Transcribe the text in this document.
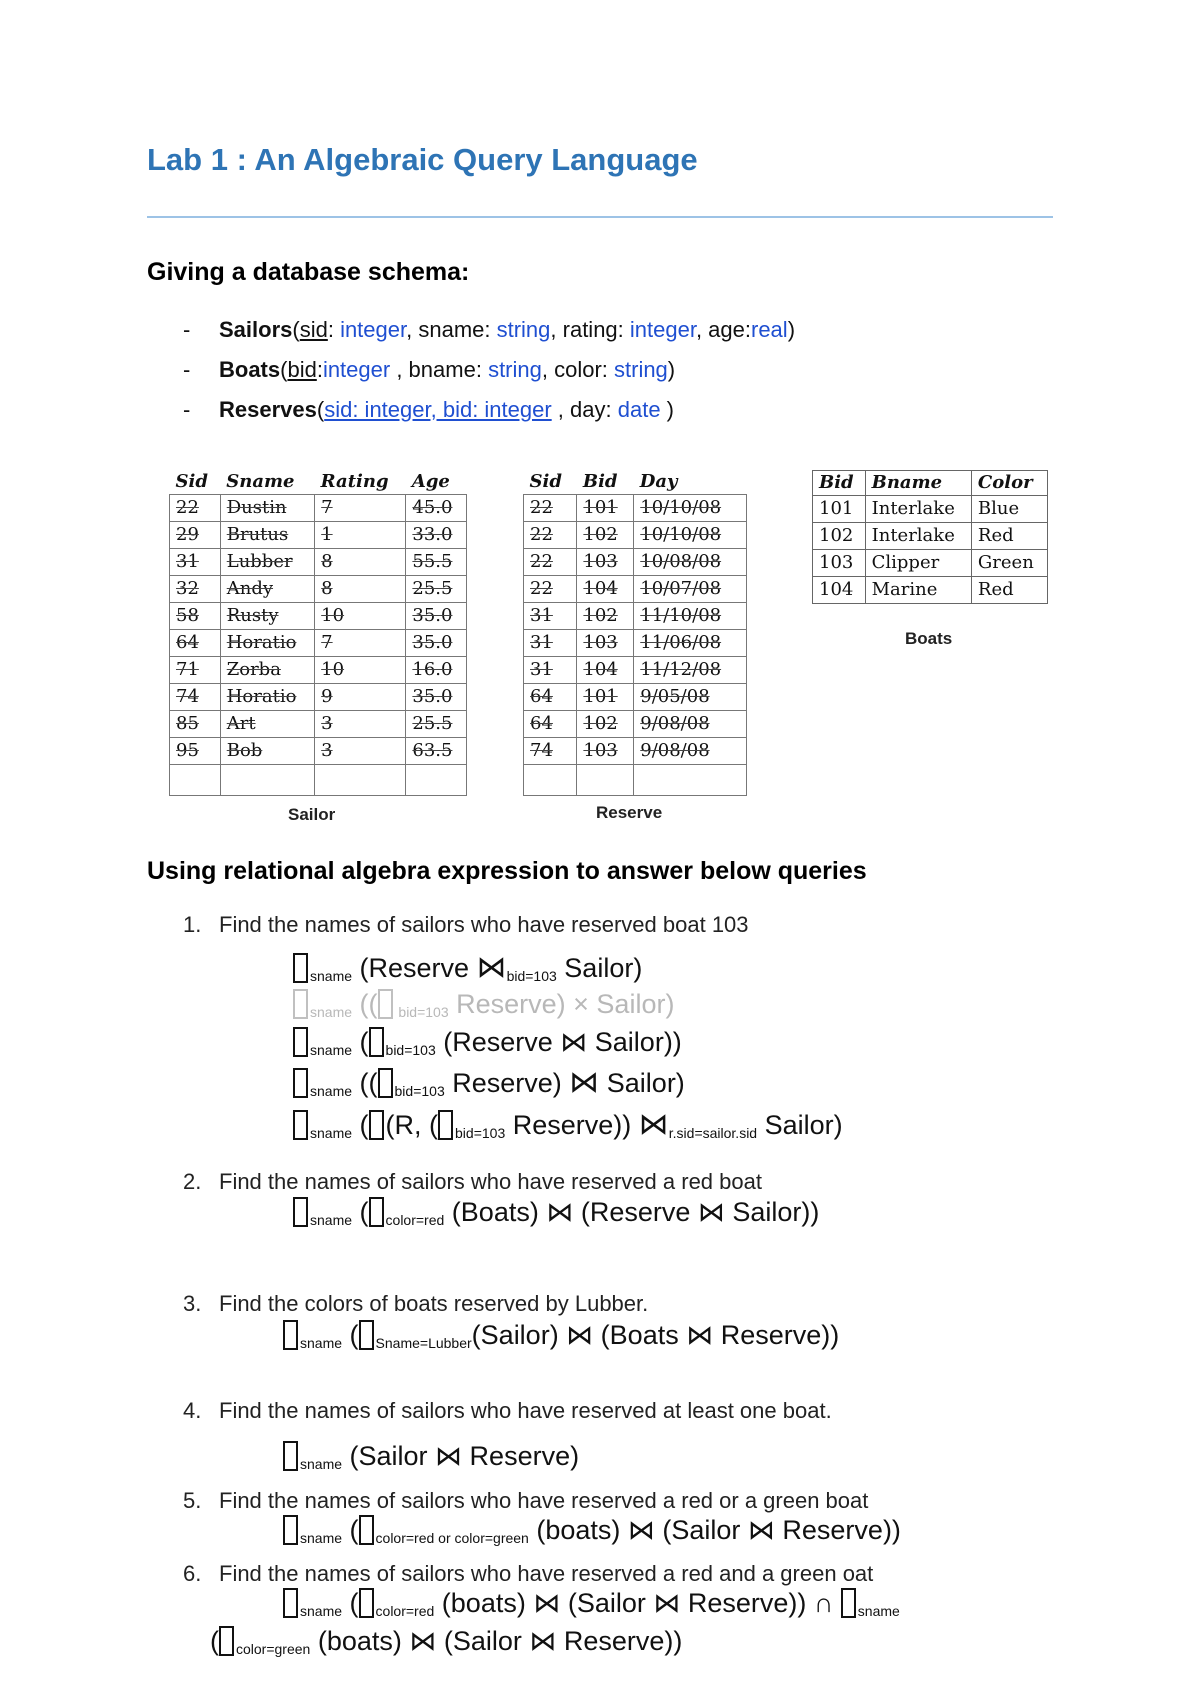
Lab 1 : An Algebraic Query Language
Giving a database schema:
- Sailors(sid: integer, sname: string, rating: integer, age:real)
- Boats(bid:integer , bname: string, color: string)
- Reserves(sid: integer, bid: integer , day: date )
Sid	Sname	Rating	Age
22	Dustin	7	45.0
29	Brutus	1	33.0
31	Lubber	8	55.5
32	Andy	8	25.5
58	Rusty	10	35.0
64	Horatio	7	35.0
71	Zorba	10	16.0
74	Horatio	9	35.0
85	Art	3	25.5
95	Bob	3	63.5

Sailor
Sid	Bid	Day
22	101	10/10/08
22	102	10/10/08
22	103	10/08/08
22	104	10/07/08
31	102	11/10/08
31	103	11/06/08
31	104	11/12/08
64	101	9/05/08
64	102	9/08/08
74	103	9/08/08

Reserve
Bid	Bname	Color
101	Interlake	Blue
102	Interlake	Red
103	Clipper	Green
104	Marine	Red
Boats
Using relational algebra expression to answer below queries
1. Find the names of sailors who have reserved boat 103
$_{sname}$ (Reserve $⋈_{bid=103}$ Sailor)
$_{sname}$ (( $_{bid=103}$ Reserve) × Sailor)
$_{sname}$ ( $_{bid=103}$ (Reserve ⋈ Sailor))
$_{sname}$ (( $_{bid=103}$ Reserve) ⋈ Sailor)
$_{sname}$ ( (R, ( $_{bid=103}$ Reserve)) $⋈_{r.sid=sailor.sid}$ Sailor)
2. Find the names of sailors who have reserved a red boat
$_{sname}$ ( $_{color=red}$ (Boats) ⋈ (Reserve ⋈ Sailor))
3. Find the colors of boats reserved by Lubber.
$_{sname}$ ( $_{Sname=Lubber}$(Sailor) ⋈ (Boats ⋈ Reserve))
4. Find the names of sailors who have reserved at least one boat.
$_{sname}$ (Sailor ⋈ Reserve)
5. Find the names of sailors who have reserved a red or a green boat
$_{sname}$ ( $_{color=red or color=green}$ (boats) ⋈ (Sailor ⋈ Reserve))
6. Find the names of sailors who have reserved a red and a green oat
$_{sname}$ ( $_{color=red}$ (boats) ⋈ (Sailor ⋈ Reserve)) ∩ $_{sname}$
( $_{color=green}$ (boats) ⋈ (Sailor ⋈ Reserve))
